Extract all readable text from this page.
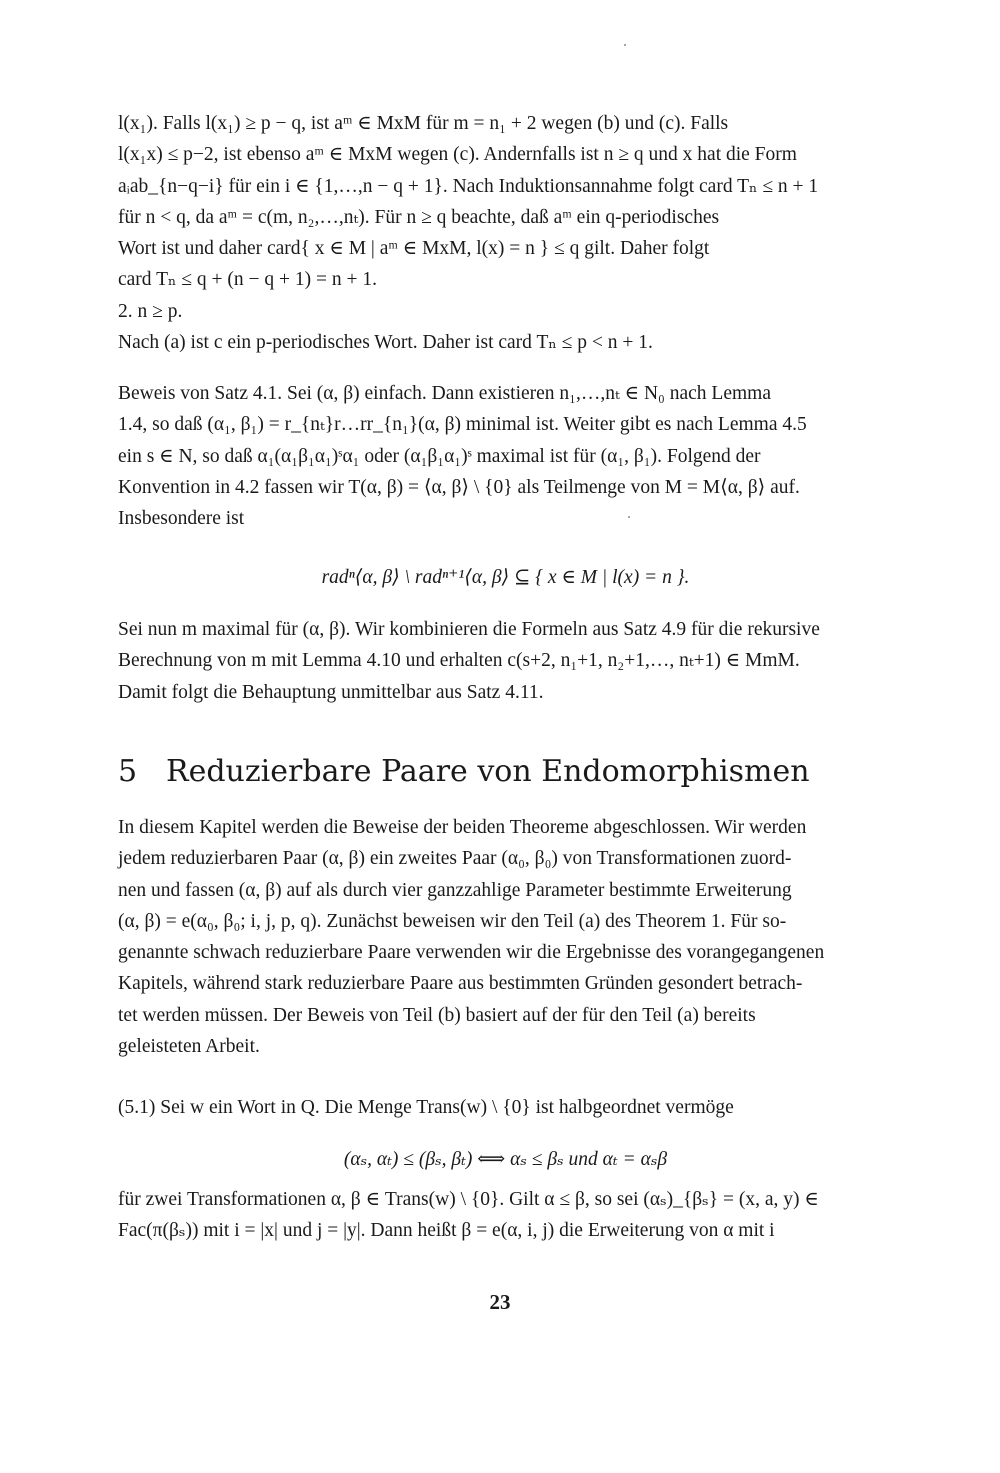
l(x₁). Falls l(x₁) ≥ p − q, ist aᵐ ∈ MxM für m = n₁ + 2 wegen (b) und (c). Falls

l(x₁x) ≤ p−2, ist ebenso aᵐ ∈ MxM wegen (c). Andernfalls ist n ≥ q und x hat die Form

aᵢab_{n−q−i} für ein i ∈ {1,…,n − q + 1}. Nach Induktionsannahme folgt card Tₙ ≤ n + 1

für n < q, da aᵐ = c(m, n₂,…,nₜ). Für n ≥ q beachte, daß aᵐ ein q-periodisches

Wort ist und daher card{ x ∈ M | aᵐ ∈ MxM, l(x) = n } ≤ q gilt. Daher folgt

card Tₙ ≤ q + (n − q + 1) = n + 1.

2. n ≥ p.

Nach (a) ist c ein p-periodisches Wort. Daher ist card Tₙ ≤ p < n + 1.

Beweis von Satz 4.1. Sei (α, β) einfach. Dann existieren n₁,…,nₜ ∈ N₀ nach Lemma

1.4, so daß (α₁, β₁) = r_{nₜ}r…rr_{n₁}(α, β) minimal ist. Weiter gibt es nach Lemma 4.5

ein s ∈ N, so daß α₁(α₁β₁α₁)ˢα₁ oder (α₁β₁α₁)ˢ maximal ist für (α₁, β₁). Folgend der

Konvention in 4.2 fassen wir T(α, β) = ⟨α, β⟩ \ {0} als Teilmenge von M = M⟨α, β⟩ auf.

Insbesondere ist

radⁿ⟨α, β⟩ \ radⁿ⁺¹⟨α, β⟩ ⊆ { x ∈ M | l(x) = n }.

Sei nun m maximal für (α, β). Wir kombinieren die Formeln aus Satz 4.9 für die rekursive

Berechnung von m mit Lemma 4.10 und erhalten c(s+2, n₁+1, n₂+1,…, nₜ+1) ∈ MmM.

Damit folgt die Behauptung unmittelbar aus Satz 4.11.

5 Reduzierbare Paare von Endomorphismen

In diesem Kapitel werden die Beweise der beiden Theoreme abgeschlossen. Wir werden

jedem reduzierbaren Paar (α, β) ein zweites Paar (α₀, β₀) von Transformationen zuord-

nen und fassen (α, β) auf als durch vier ganzzahlige Parameter bestimmte Erweiterung

(α, β) = e(α₀, β₀; i, j, p, q). Zunächst beweisen wir den Teil (a) des Theorem 1. Für so-

genannte schwach reduzierbare Paare verwenden wir die Ergebnisse des vorangegangenen

Kapitels, während stark reduzierbare Paare aus bestimmten Gründen gesondert betrach-

tet werden müssen. Der Beweis von Teil (b) basiert auf der für den Teil (a) bereits

geleisteten Arbeit.

(5.1) Sei w ein Wort in Q. Die Menge Trans(w) \ {0} ist halbgeordnet vermöge

(αₛ, αₜ) ≤ (βₛ, βₜ) ⟺ αₛ ≤ βₛ und αₜ = αₛβ

für zwei Transformationen α, β ∈ Trans(w) \ {0}. Gilt α ≤ β, so sei (αₛ)_{βₛ} = (x, a, y) ∈

Fac(π(βₛ)) mit i = |x| und j = |y|. Dann heißt β = e(α, i, j) die Erweiterung von α mit i

23
